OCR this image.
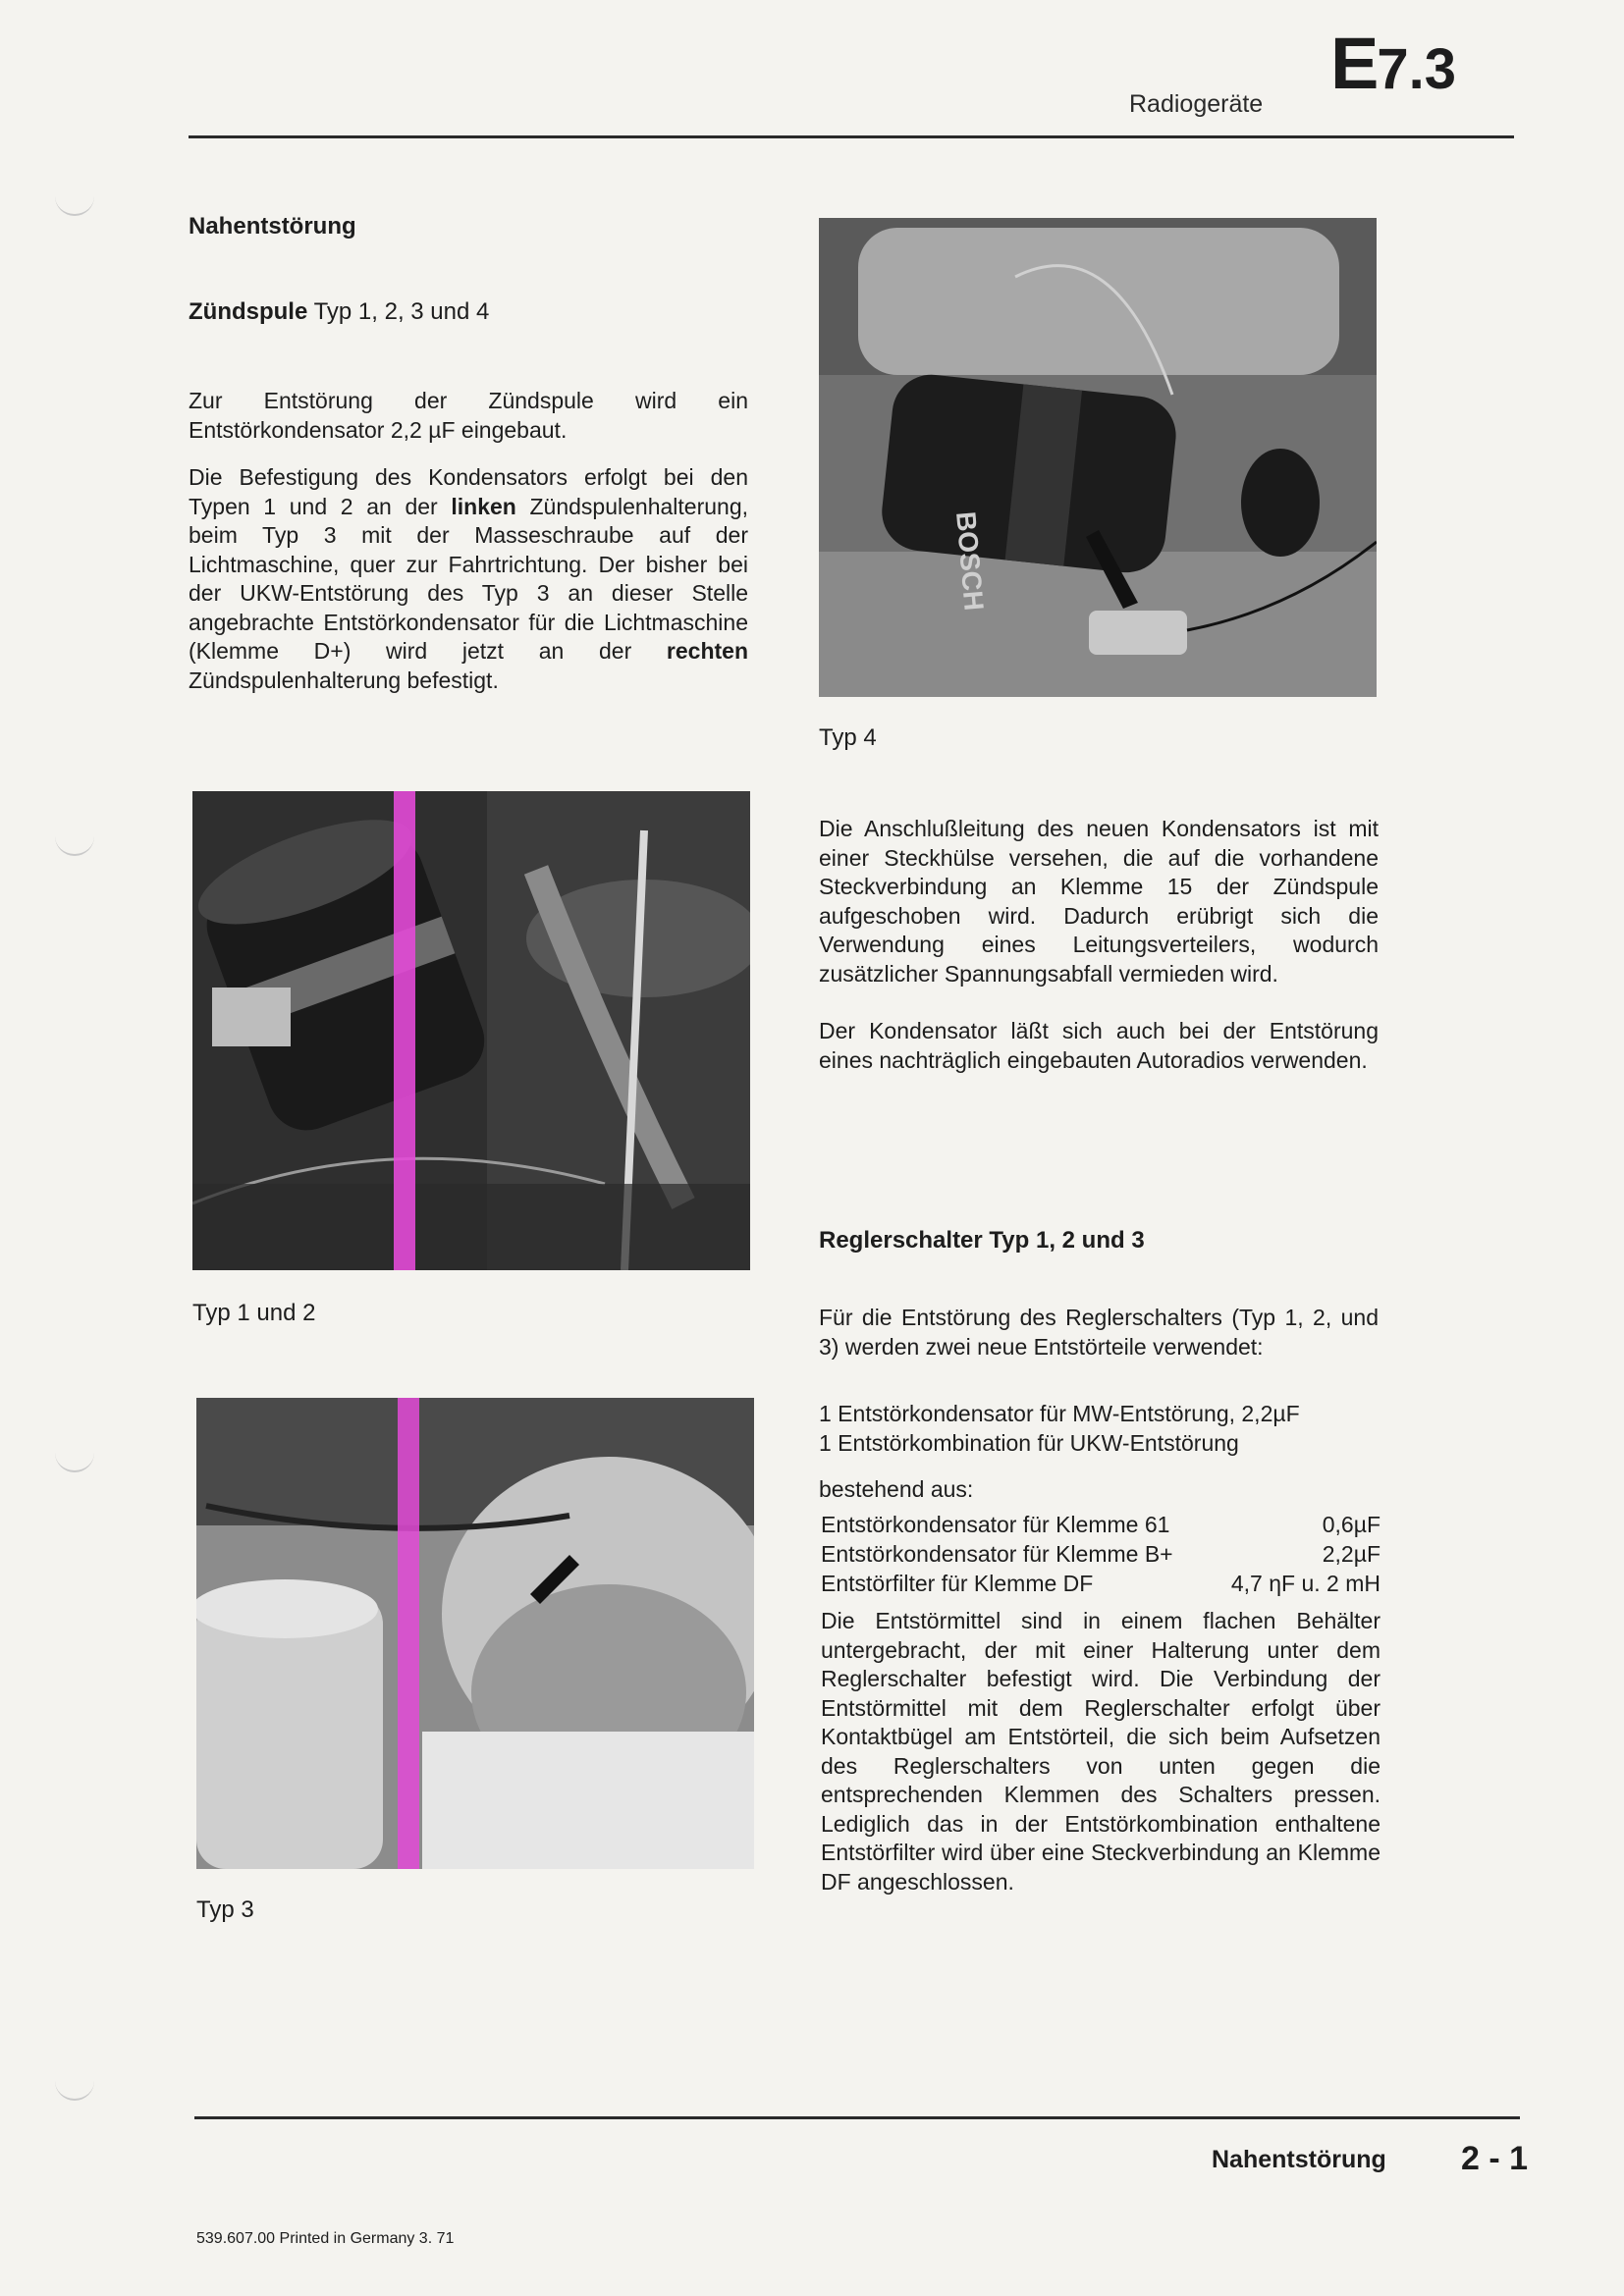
Radiogeräte E 7.3
Nahentstörung
Zündspule Typ 1, 2, 3 und 4

Zur Entstörung der Zündspule wird ein Entstörkondensator 2,2 µF eingebaut.

Die Befestigung des Kondensators erfolgt bei den Typen 1 und 2 an der linken Zündspulenhalterung, beim Typ 3 mit der Masseschraube auf der Lichtmaschine, quer zur Fahrtrichtung. Der bisher bei der UKW-Entstörung des Typ 3 an dieser Stelle angebrachte Entstörkondensator für die Lichtmaschine (Klemme D+) wird jetzt an der rechten Zündspulenhalterung befestigt.

Typ 1 und 2
Typ 3
BOSCH
Typ 4

Die Anschlußleitung des neuen Kondensators ist mit einer Steckhülse versehen, die auf die vorhandene Steckverbindung an Klemme 15 der Zündspule aufgeschoben wird. Dadurch erübrigt sich die Verwendung eines Leitungsverteilers, wodurch zusätzlicher Spannungsabfall vermieden wird.

Der Kondensator läßt sich auch bei der Entstörung eines nachträglich eingebauten Autoradios verwenden.

Reglerschalter Typ 1, 2 und 3

Für die Entstörung des Reglerschalters (Typ 1, 2, und 3) werden zwei neue Entstörteile verwendet:

1 Entstörkondensator für MW-Entstörung, 2,2µF
1 Entstörkombination für UKW-Entstörung
bestehend aus:
Entstörkondensator für Klemme 61	0,6µF
Entstörkondensator für Klemme B+	2,2µF
Entstörfilter für Klemme DF	4,7 ηF u. 2 mH

Die Entstörmittel sind in einem flachen Behälter untergebracht, der mit einer Halterung unter dem Reglerschalter befestigt wird. Die Verbindung der Entstörmittel mit dem Reglerschalter erfolgt über Kontaktbügel am Entstörteil, die sich beim Aufsetzen des Reglerschalters von unten gegen die entsprechenden Klemmen des Schalters pressen. Lediglich das in der Entstörkombination enthaltene Entstörfilter wird über eine Steckverbindung an Klemme DF angeschlossen.

Nahentstörung 2 - 1
539.607.00 Printed in Germany 3. 71
